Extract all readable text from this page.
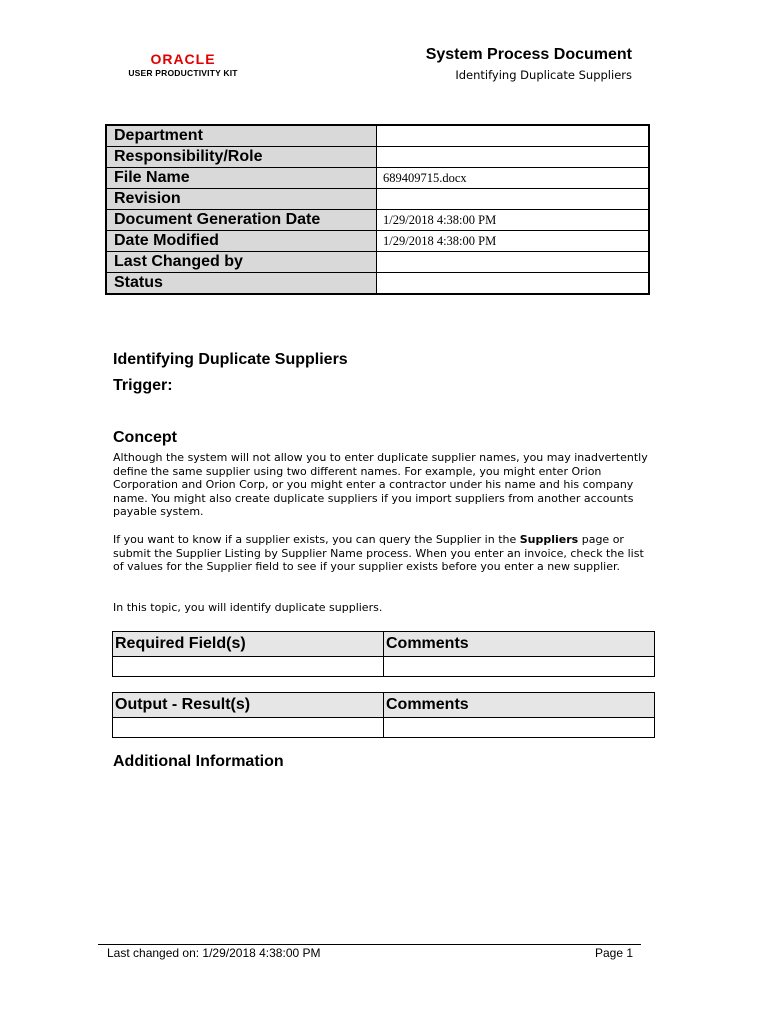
ORACLE
USER PRODUCTIVITY KIT
System Process Document
Identifying Duplicate Suppliers
Department	
Responsibility/Role	
File Name	689409715.docx
Revision	
Document Generation Date	1/29/2018 4:38:00 PM
Date Modified	1/29/2018 4:38:00 PM
Last Changed by	
Status	
Identifying Duplicate Suppliers
Trigger:
Concept
Although the system will not allow you to enter duplicate supplier names, you may inadvertently define the same supplier using two different names. For example, you might enter Orion Corporation and Orion Corp, or you might enter a contractor under his name and his company name. You might also create duplicate suppliers if you import suppliers from another accounts payable system.
If you want to know if a supplier exists, you can query the Supplier in the Suppliers page or submit the Supplier Listing by Supplier Name process. When you enter an invoice, check the list of values for the Supplier field to see if your supplier exists before you enter a new supplier.
In this topic, you will identify duplicate suppliers.
Required Field(s)	Comments

Output - Result(s)	Comments

Additional Information
Last changed on: 1/29/2018 4:38:00 PM	Page 1
